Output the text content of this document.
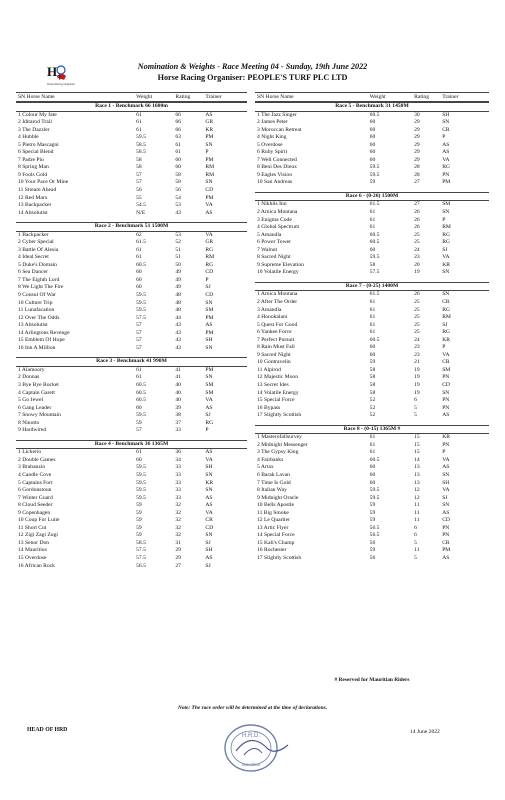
H o
Horse Racing Organiser
Nomination & Weights - Race Meeting 04 - Sunday, 19th June 2022
Horse Racing Organiser: PEOPLE'S TURF PLC LTD
SN Horse Name	Weight	Rating	Trainer
Race 1 - Benchmark 66 1600m
1 Colour My fate	61	66	AS
2 Iditarod Trail	61	66	GR
3 The Dazzler	61	66	KR
4 Hubble	59.5	63	PM
5 Pietro Mascagni	58.5	61	SN
6 Special Blend	58.5	61	P
7 Padre Pio	58	60	PM
8 Spring Man	58	60	RM
9 Fools Gold	57	58	RM
10 Your Pace Or Mine	57	58	SN
11 Stream Ahead	56	56	CD
12 Red Marx	55	54	PM
13 Backpacker	54.5	53	VA
14 Absolutist	N/E	43	AS
Race 2 - Benchmark 51 1500M
1 Backpacker	62	53	VA
2 Cyber Special	61.5	52	GR
3 Battle Of Alesia	61	51	RG
4 Ideal Secret	61	51	RM
5 Duke's Domain	60.5	50	RG
6 Sea Dancer	60	49	CD
7 The Eighth Lord	60	49	P
8 We Light The Fire	60	49	SJ
9 Consul Of War	59.5	48	CD
10 Culture Trip	59.5	48	SN
11 Lunafacation	59.5	48	SM
12 Over The Odds	57.5	44	PM
13 Absolutist	57	43	AS
14 Arlingtons Revenge	57	43	PM
15 Emblem Of Hope	57	43	SH
16 Inn A Million	57	43	SN
Race 3 - Benchmark 41 990M
1 Alamoory	61	41	PM
2 Donnas	61	41	SN
3 Bye Bye Rocket	60.5	40	SM
4 Captain Garett	60.5	40	SM
5 Go Jewel	60.5	40	VA
6 Gang Leader	60	39	AS
7 Snowy Mountain	59.5	38	SJ
8 Ninotto	59	37	RG
9 Hardwired	57	33	P
Race 4 - Benchmark 36 1365M
1 Lickerio	61	36	AS
2 Double Games	60	34	VA
3 Brabanzio	59.5	33	SH
4 Candle Cove	59.5	33	SN
5 Captains Fort	59.5	33	KR
6 Gordonstoun	59.5	33	SN
7 Winter Guard	59.5	33	AS
8 Cloud Seeder	59	32	AS
9 Copenhagen	59	32	VA
10 Coup For Luite	59	32	CR
11 Short Cut	59	32	CD
12 Zigi Zagi Zugi	59	32	SN
13 Senor Don	58.5	31	SJ
14 Mauritius	57.5	29	SH
15 Overdose	57.5	29	AS
16 African Rock	56.5	27	SJ
SN Horse Name	Weight	Rating	Trainer
Race 5 - Benchmark 31 1450M
1 The Jazz Singer	60.5	30	SH
2 James Peter	60	29	SN
3 Moroccan Retreat	60	29	CR
4 Night King	60	29	P
5 Overdose	60	29	AS
6 Ruby Spirit	60	29	AS
7 Well Connected	60	29	VA
8 Beni Des Dieux	59.5	28	RG
9 Eagles Vision	59.5	28	PN
10 San Andreas	59	27	PM
Race 6 - (0-26) 1500M
1 Nikhils Inn	61.5	27	SM
2 Arnica Montana	61	26	SN
3 Enigma Code	61	26	P
4 Global Spectrum	61	26	RM
5 Amandla	60.5	25	RG
6 Power Tower	60.5	25	RG
7 Walnut	60	24	SJ
8 Sacred Night	59.5	23	VA
9 Supreme Elevation	58	20	KR
10 Volatile Energy	57.5	19	SN
Race 7 - (0-25) 1400M
1 Arnica Montana	61.5	26	SN
2 After The Order	61	25	CR
3 Amandla	61	25	RG
4 Honokalani	61	25	RM
5 Quest For Good	61	25	SJ
6 Yankee Force	61	25	RG
7 Perfect Pursuit	60.5	24	KR
8 Rain Must Fall	60	23	P
9 Sacred Night	60	23	VA
10 Gontravelin	59	21	CR
11 Alpirod	58	19	SM
12 Majestic Moon	58	19	PN
13 Secret Ides	58	19	CD
14 Volatile Energy	58	19	SN
15 Special Force	52	6	PN
16 Bypass	52	5	PN
17 Slightly Scottish	52	5	AS
Race 8 - (0-15) 1365M #
1 Masterofallsurvey	61	15	KR
2 Midnight Messenger	61	15	PN
3 The Gypsy King	61	15	P
4 Fairbanks	60.5	14	VA
5 Artax	60	13	AS
6 Barak Lavan	60	13	SN
7 Time Is Gold	60	13	SH
8 Italian Way	59.5	12	VA
9 Midnight Oracle	59.5	12	SJ
10 Bells Apostle	59	11	SN
11 Big Smoke	59	11	AS
12 Le Quartier	59	11	CD
13 Artic Flyer	56.5	6	PN
14 Special Force	56.5	6	PN
15 Kali's Champ	56	5	CR
16 Rochester	59	11	PM
17 Slightly Scottish	56	5	AS
# Reserved for Mauritian Riders
Note: The race order will be determined at the time of declarations.
HEAD OF HRD
H.R.D.
Mauritius
14 June 2022
